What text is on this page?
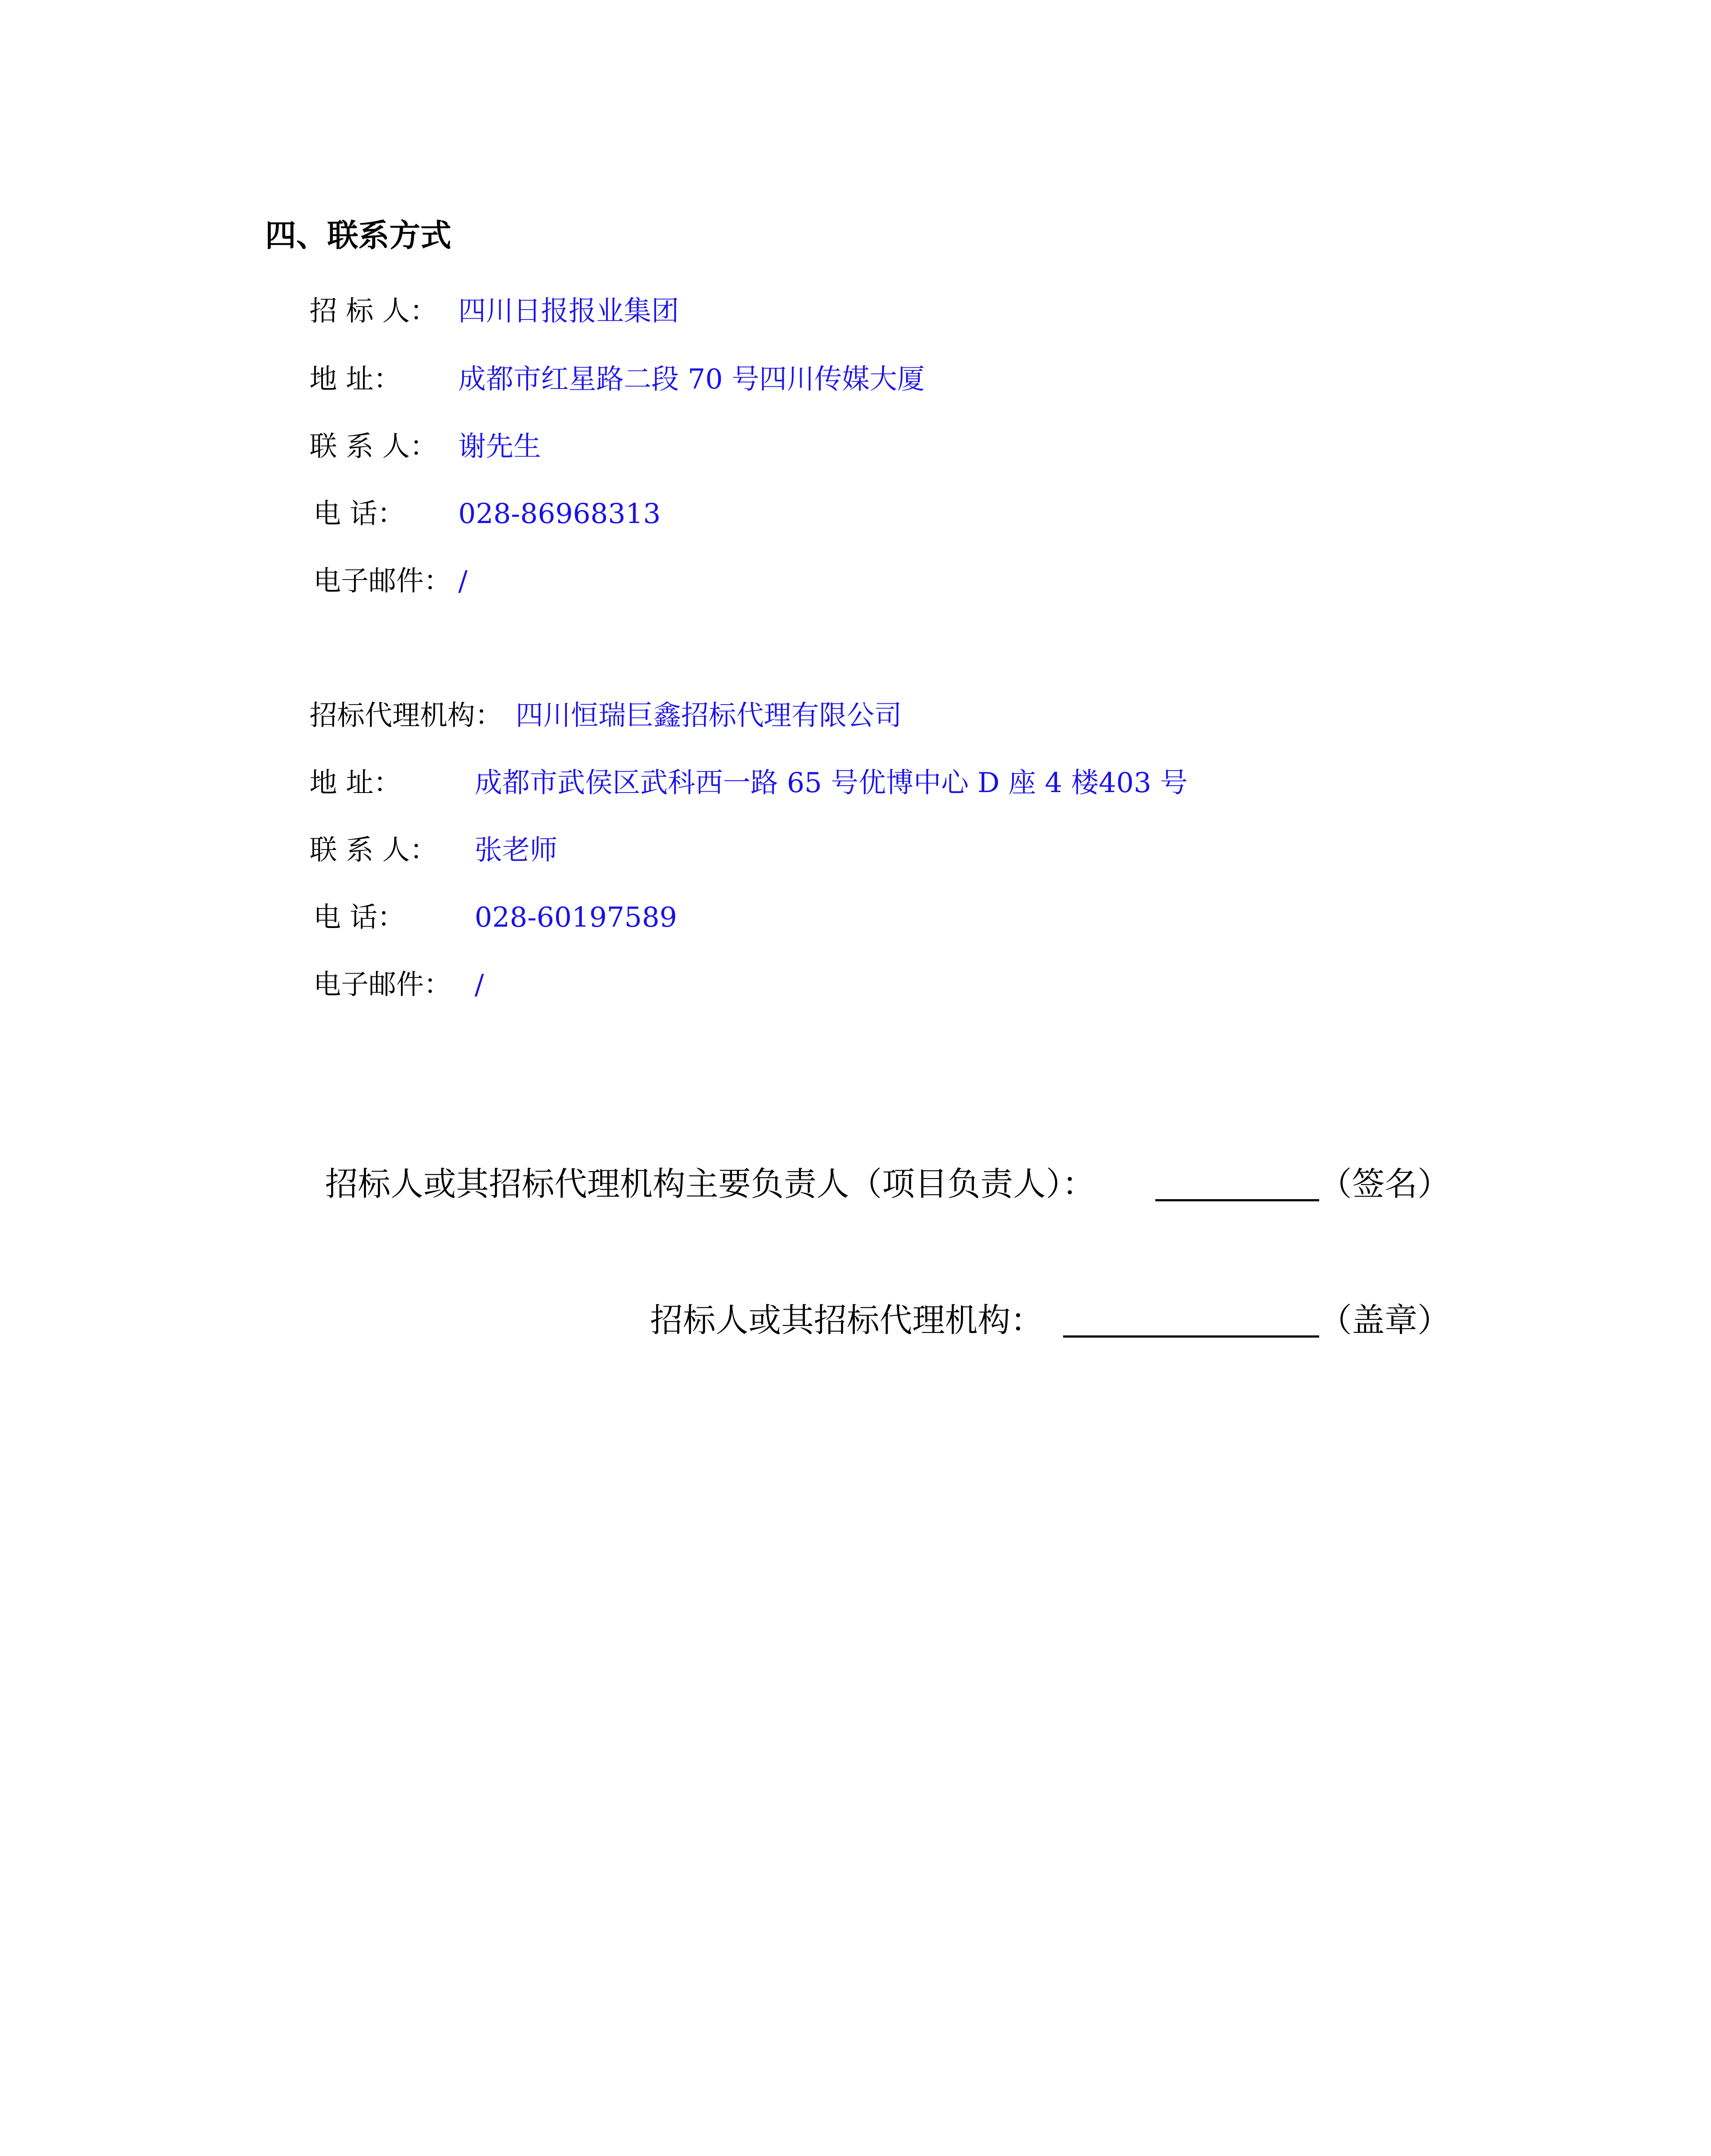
四、联系方式
招 标 人： 四川日报报业集团
地 址： 成都市红星路二段 70 号四川传媒大厦
联 系 人： 谢先生
电 话： 028-86968313
电子邮件： /
招标代理机构： 四川恒瑞巨鑫招标代理有限公司
地 址：	成都市武侯区武科西一路 65 号优博中心 D 座 4 楼403 号
联 系 人： 张老师
电 话：	028-60197589
电子邮件： /
招标人或其招标代理机构主要负责人（项目负责人）：	（签名）
招标人或其招标代理机构：	（盖章）
